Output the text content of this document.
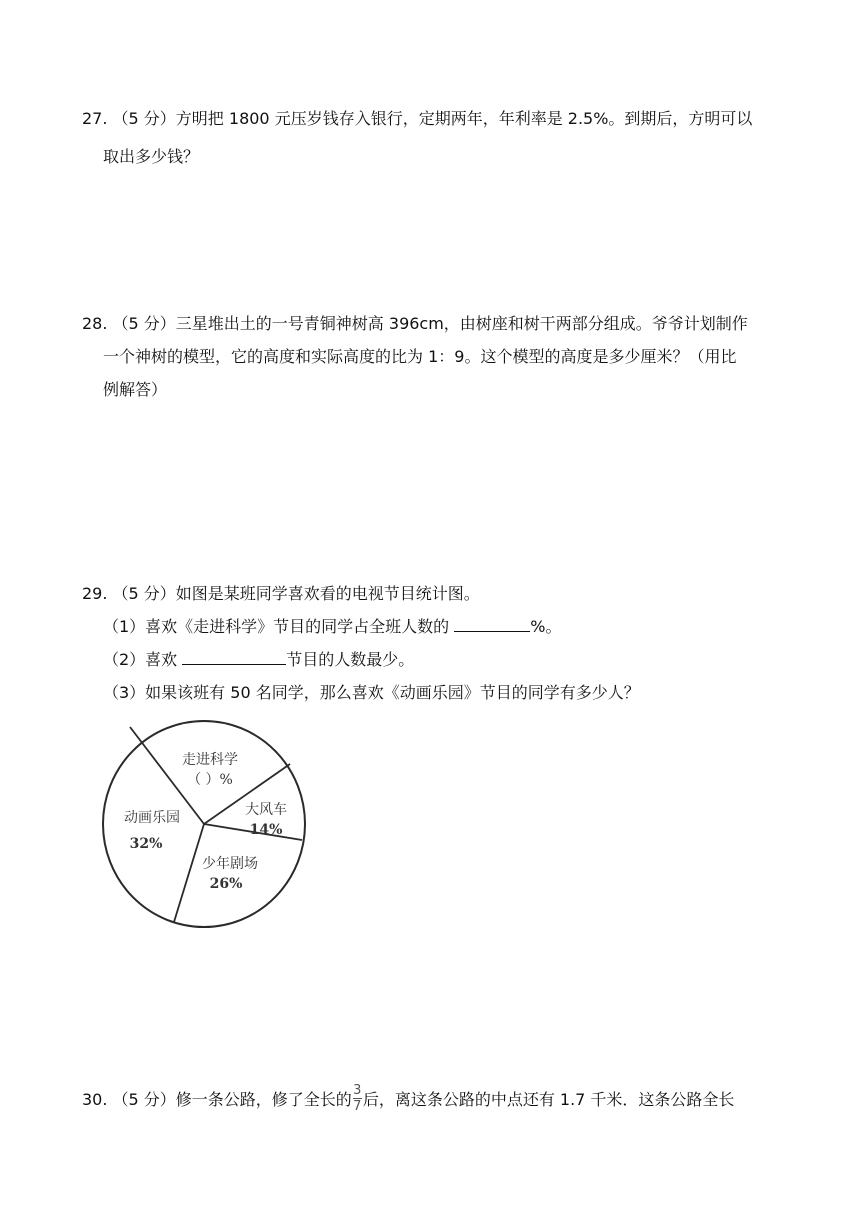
27. （5 分）方明把 1800 元压岁钱存入银行，定期两年，年利率是 2.5%。到期后，方明可以
取出多少钱？
28. （5 分）三星堆出土的一号青铜神树高 396cm，由树座和树干两部分组成。爷爷计划制作
一个神树的模型，它的高度和实际高度的比为 1：9。这个模型的高度是多少厘米？（用比
例解答）
29. （5 分）如图是某班同学喜欢看的电视节目统计图。
（1）喜欢《走进科学》节目的同学占全班人数的	%。
（2）喜欢	节目的人数最少。
（3）如果该班有 50 名同学，那么喜欢《动画乐园》节目的同学有多少人？
走进科学
（ ）%
大风车
14%
少年剧场
26%
动画乐园
32%
30. （5 分）修一条公路，修了全长的 $\frac{3}{7}$ 后，离这条公路的中点还有 1.7 千米．这条公路全长
